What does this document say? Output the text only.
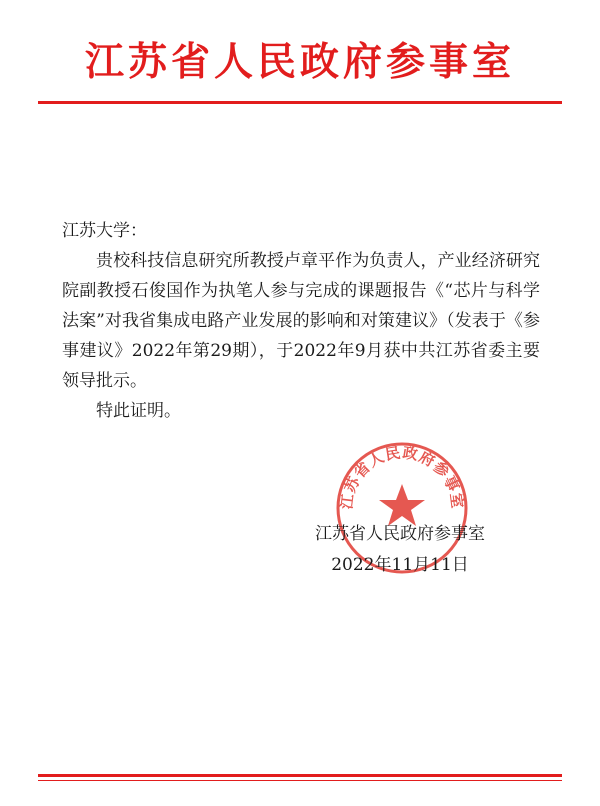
江苏省人民政府参事室

江苏大学：

贵校科技信息研究所教授卢章平作为负责人，产业经济研究院副教授石俊国作为执笔人参与完成的课题报告《“芯片与科学法案”对我省集成电路产业发展的影响和对策建议》（发表于《参事建议》2022年第29期），于2022年9月获中共江苏省委主要领导批示。

特此证明。

江苏省人民政府参事室
江苏省人民政府参事室
2022年11月11日
